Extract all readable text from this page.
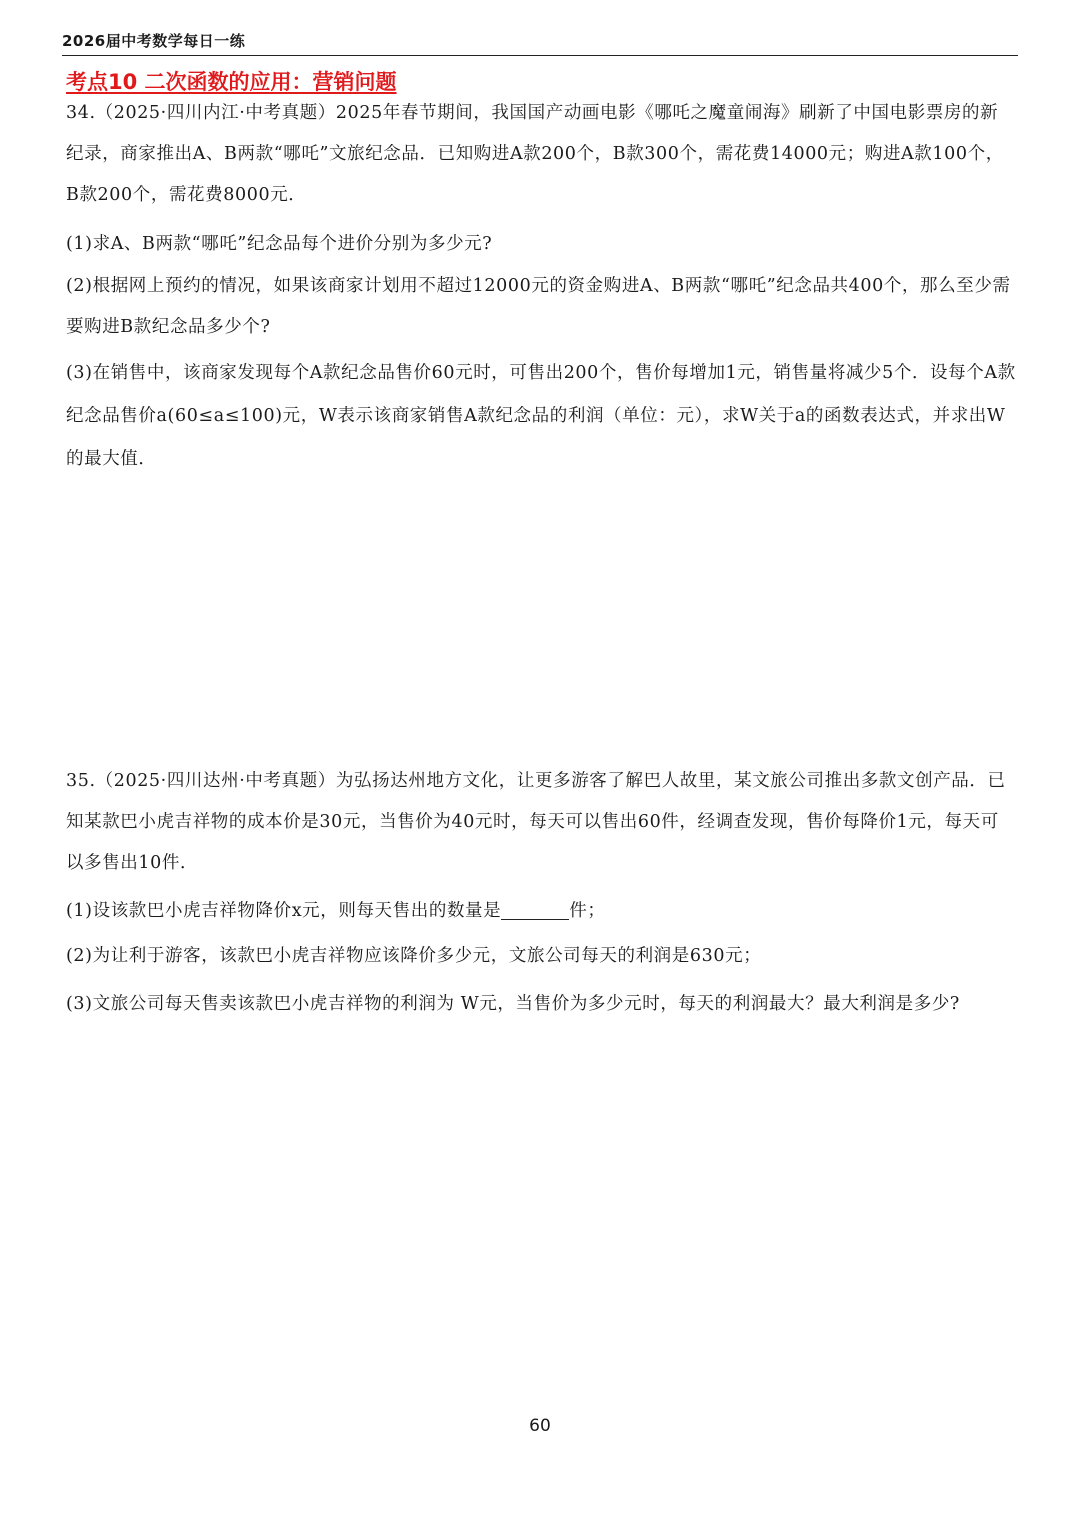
2026届中考数学每日一练
考点10 二次函数的应用：营销问题
34.（2025·四川内江·中考真题）2025年春节期间，我国国产动画电影《哪吒之魔童闹海》刷新了中国电影票房的新纪录，商家推出A、B两款“哪吒”文旅纪念品．已知购进A款200个，B款300个，需花费14000元；购进A款100个，B款200个，需花费8000元．
(1)求A、B两款“哪吒”纪念品每个进价分别为多少元?
(2)根据网上预约的情况，如果该商家计划用不超过12000元的资金购进A、B两款“哪吒”纪念品共400个，那么至少需要购进B款纪念品多少个?
(3)在销售中，该商家发现每个A款纪念品售价60元时，可售出200个，售价每增加1元，销售量将减少5个．设每个A款纪念品售价a(60≤a≤100)元，W表示该商家销售A款纪念品的利润（单位：元），求W关于a的函数表达式，并求出W的最大值．
35.（2025·四川达州·中考真题）为弘扬达州地方文化，让更多游客了解巴人故里，某文旅公司推出多款文创产品．已知某款巴小虎吉祥物的成本价是30元，当售价为40元时，每天可以售出60件，经调查发现，售价每降价1元，每天可以多售出10件．
(1)设该款巴小虎吉祥物降价x元，则每天售出的数量是	件；
(2)为让利于游客，该款巴小虎吉祥物应该降价多少元，文旅公司每天的利润是630元；
(3)文旅公司每天售卖该款巴小虎吉祥物的利润为 W元，当售价为多少元时，每天的利润最大？最大利润是多少?
60
